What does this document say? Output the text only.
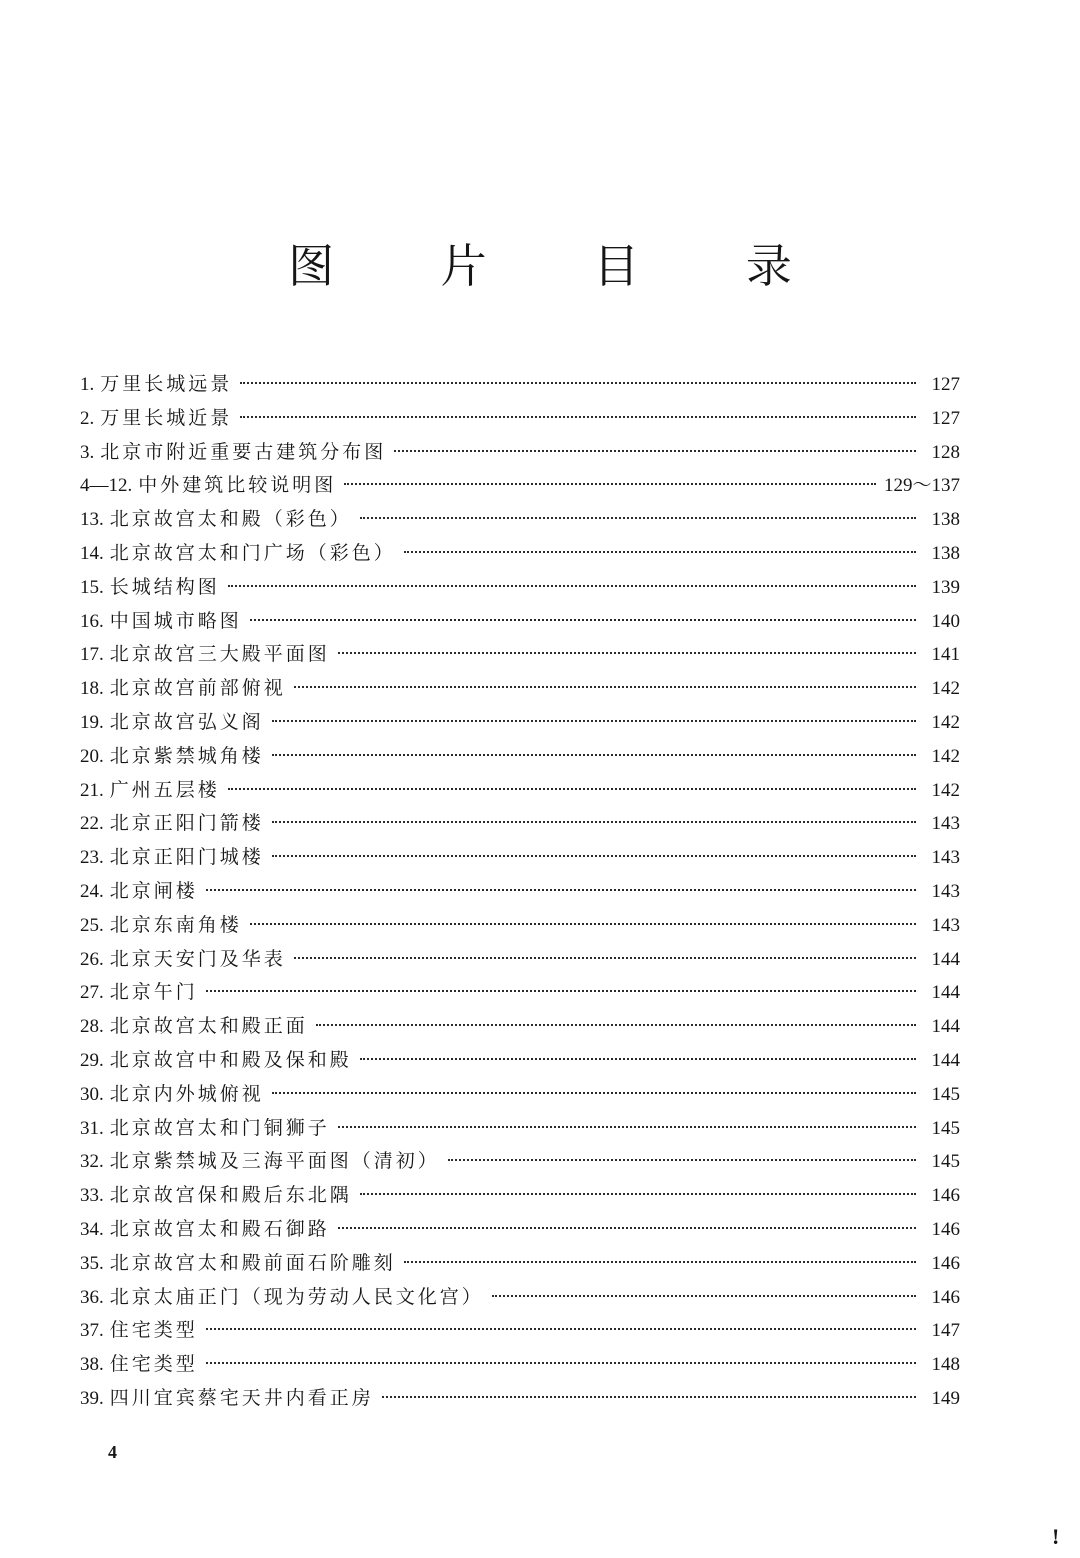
图 片 目 录
1. 万里长城远景	127
2. 万里长城近景	127
3. 北京市附近重要古建筑分布图	128
4—12. 中外建筑比较说明图	129～137
13. 北京故宫太和殿（彩色）	138
14. 北京故宫太和门广场（彩色）	138
15. 长城结构图	139
16. 中国城市略图	140
17. 北京故宫三大殿平面图	141
18. 北京故宫前部俯视	142
19. 北京故宫弘义阁	142
20. 北京紫禁城角楼	142
21. 广州五层楼	142
22. 北京正阳门箭楼	143
23. 北京正阳门城楼	143
24. 北京闸楼	143
25. 北京东南角楼	143
26. 北京天安门及华表	144
27. 北京午门	144
28. 北京故宫太和殿正面	144
29. 北京故宫中和殿及保和殿	144
30. 北京内外城俯视	145
31. 北京故宫太和门铜狮子	145
32. 北京紫禁城及三海平面图（清初）	145
33. 北京故宫保和殿后东北隅	146
34. 北京故宫太和殿石御路	146
35. 北京故宫太和殿前面石阶雕刻	146
36. 北京太庙正门（现为劳动人民文化宫）	146
37. 住宅类型	147
38. 住宅类型	148
39. 四川宜宾蔡宅天井内看正房	149
4
!
